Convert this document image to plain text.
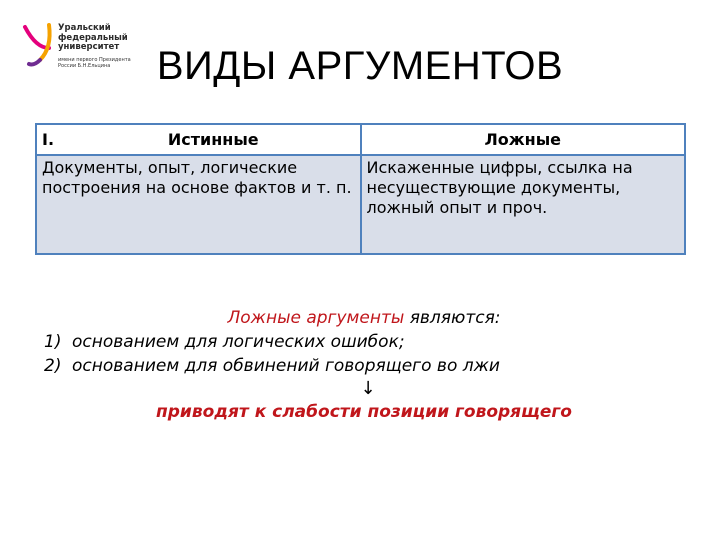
Уральский
федеральный
университет
имени первого Президента
России Б.Н.Ельцина	ВИДЫ АРГУМЕНТОВ
I. Истинные	Ложные
Документы, опыт, логические построения на основе фактов и т. п.	Искаженные цифры, ссылка на несуществующие документы, ложный опыт и проч.
Ложные аргументы являются:
1) основанием для логических ошибок;
2) основанием для обвинений говорящего во лжи
↓
приводят к слабости позиции говорящего
